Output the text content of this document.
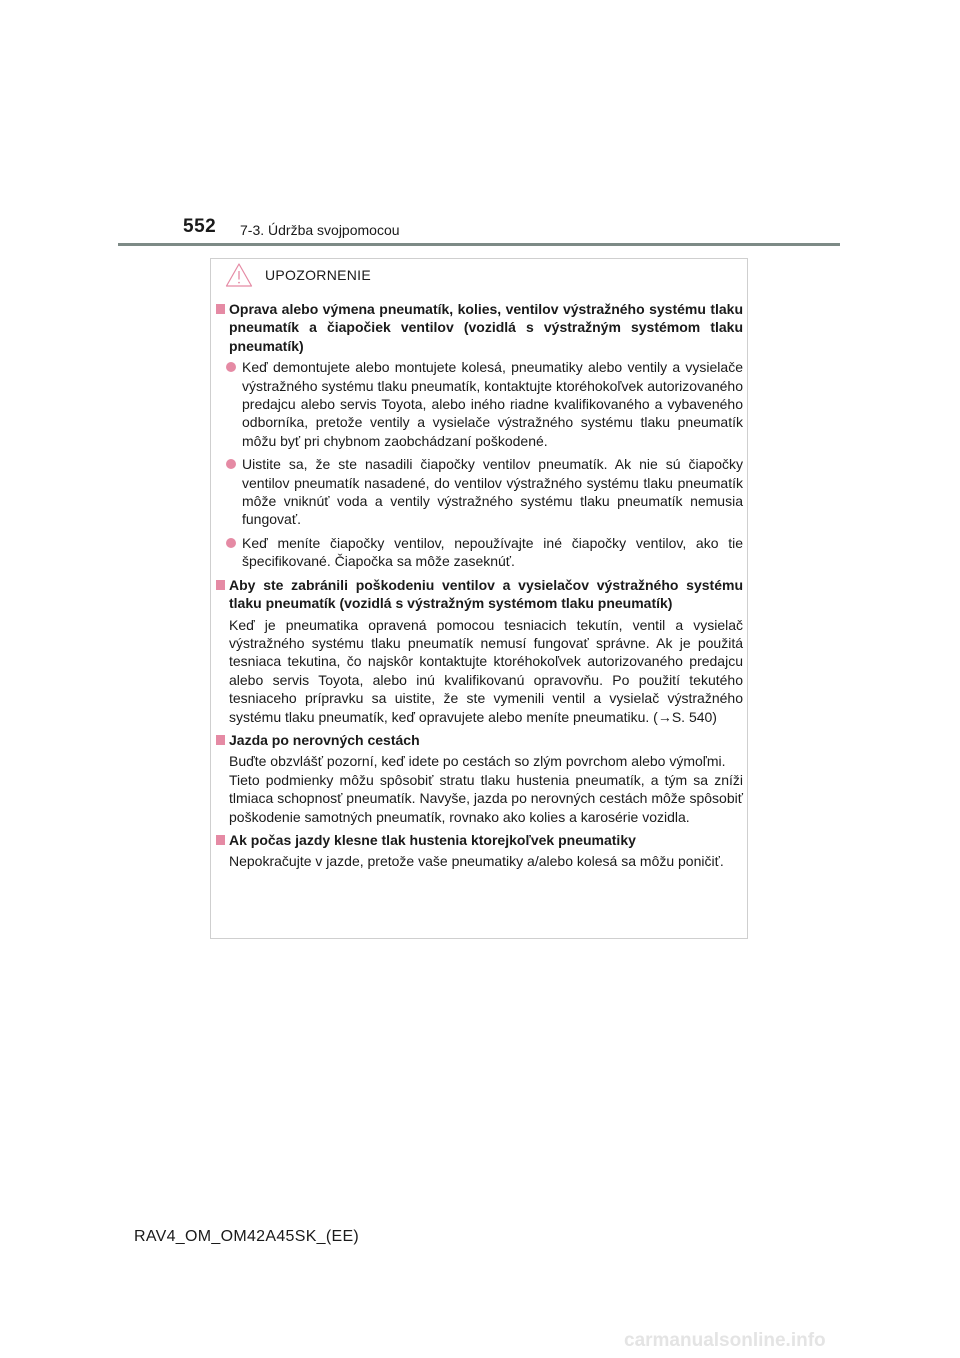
552 7-3. Údržba svojpomocou
UPOZORNENIE
Oprava alebo výmena pneumatík, kolies, ventilov výstražného systému tlaku pneumatík a čiapočiek ventilov (vozidlá s výstražným systémom tlaku pneumatík)
Keď demontujete alebo montujete kolesá, pneumatiky alebo ventily a vysielače výstražného systému tlaku pneumatík, kontaktujte ktoréhokoľvek autorizovaného predajcu alebo servis Toyota, alebo iného riadne kvalifikovaného a vybaveného odborníka, pretože ventily a vysielače výstražného systému tlaku pneumatík môžu byť pri chybnom zaobchádzaní poškodené.
Uistite sa, že ste nasadili čiapočky ventilov pneumatík. Ak nie sú čiapočky ventilov pneumatík nasadené, do ventilov výstražného systému tlaku pneumatík môže vniknúť voda a ventily výstražného systému tlaku pneumatík nemusia fungovať.
Keď meníte čiapočky ventilov, nepoužívajte iné čiapočky ventilov, ako tie špecifikované. Čiapočka sa môže zaseknúť.
Aby ste zabránili poškodeniu ventilov a vysielačov výstražného systému tlaku pneumatík (vozidlá s výstražným systémom tlaku pneumatík)
Keď je pneumatika opravená pomocou tesniacich tekutín, ventil a vysielač výstražného systému tlaku pneumatík nemusí fungovať správne. Ak je použitá tesniaca tekutina, čo najskôr kontaktujte ktoréhokoľvek autorizovaného predajcu alebo servis Toyota, alebo inú kvalifikovanú opravovňu. Po použití tekutého tesniaceho prípravku sa uistite, že ste vymenili ventil a vysielač výstražného systému tlaku pneumatík, keď opravujete alebo meníte pneumatiku. (→S. 540)
Jazda po nerovných cestách
Buďte obzvlášť pozorní, keď idete po cestách so zlým povrchom alebo výmoľmi.
Tieto podmienky môžu spôsobiť stratu tlaku hustenia pneumatík, a tým sa zníži tlmiaca schopnosť pneumatík. Navyše, jazda po nerovných cestách môže spôsobiť poškodenie samotných pneumatík, rovnako ako kolies a karosérie vozidla.
Ak počas jazdy klesne tlak hustenia ktorejkoľvek pneumatiky
Nepokračujte v jazde, pretože vaše pneumatiky a/alebo kolesá sa môžu poničiť.
RAV4_OM_OM42A45SK_(EE)
carmanualsonline.info
